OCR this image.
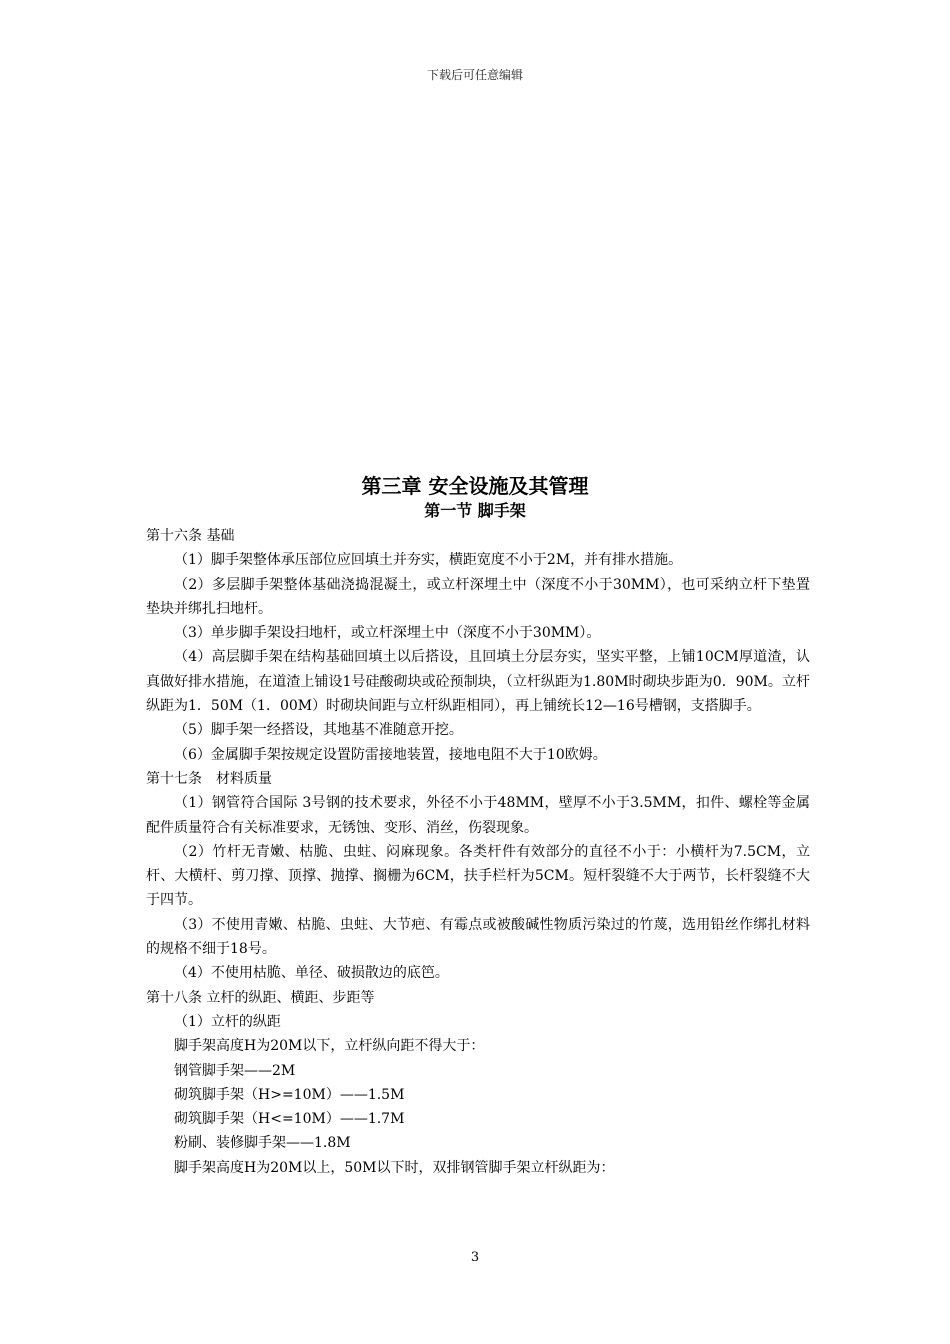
下载后可任意编辑
第三章 安全设施及其管理
第一节 脚手架

第十六条 基础

（1）脚手架整体承压部位应回填土并夯实，横距宽度不小于2M，并有排水措施。

（2）多层脚手架整体基础浇捣混凝土，或立杆深埋土中（深度不小于30MM），也可采纳立杆下垫置垫块并绑扎扫地杆。

（3）单步脚手架设扫地杆，或立杆深埋土中（深度不小于30MM）。

（4）高层脚手架在结构基础回填土以后搭设，且回填土分层夯实，坚实平整，上铺10CM厚道渣，认真做好排水措施，在道渣上铺设1号硅酸砌块或砼预制块，（立杆纵距为1.80M时砌块步距为0．90M。立杆纵距为1．50M（1．00M）时砌块间距与立杆纵距相同），再上铺统长12—16号槽钢，支搭脚手。

（5）脚手架一经搭设，其地基不准随意开挖。

（6）金属脚手架按规定设置防雷接地装置，接地电阻不大于10欧姆。

第十七条　材料质量

（1）钢管符合国际 3号钢的技术要求，外径不小于48MM，壁厚不小于3.5MM，扣件、螺栓等金属配件质量符合有关标准要求，无锈蚀、变形、消丝，伤裂现象。

（2）竹杆无青嫩、枯脆、虫蛀、闷麻现象。各类杆件有效部分的直径不小于：小横杆为7.5CM，立杆、大横杆、剪刀撑、顶撑、抛撑、搁栅为6CM，扶手栏杆为5CM。短杆裂缝不大于两节，长杆裂缝不大于四节。

（3）不使用青嫩、枯脆、虫蛀、大节疤、有霉点或被酸碱性物质污染过的竹蔑，选用铅丝作绑扎材料的规格不细于18号。

（4）不使用枯脆、单径、破损散边的底笆。

第十八条 立杆的纵距、横距、步距等

（1）立杆的纵距

脚手架高度H为20M以下，立杆纵向距不得大于：

钢管脚手架——2M

砌筑脚手架（H>=10M）——1.5M

砌筑脚手架（H<=10M）——1.7M

粉刷、装修脚手架——1.8M

脚手架高度H为20M以上，50M以下时，双排钢管脚手架立杆纵距为：

3
